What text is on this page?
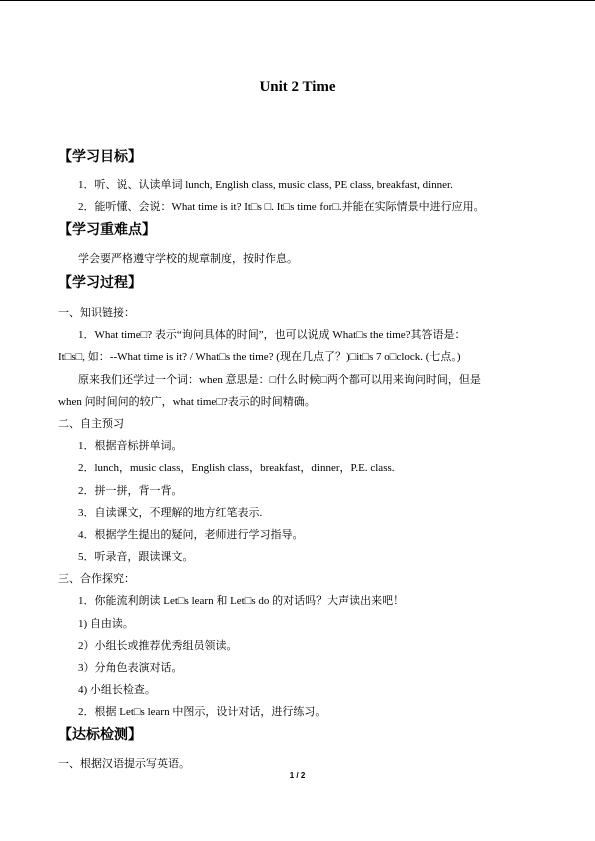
Unit 2 Time
【学习目标】
1．听、说、认读单词 lunch, English class, music class, PE class, breakfast, dinner.
2．能听懂、会说：What time is it? It□s □. It□s time for□.并能在实际情景中进行应用。
【学习重难点】
学会要严格遵守学校的规章制度，按时作息。
【学习过程】
一、知识链接：
1．What time□? 表示“询问具体的时间”，也可以说成 What□s the time?其答语是：
It□s□, 如：--What time is it? / What□s the time? (现在几点了？)□it□s 7 o□clock. (七点。)
原来我们还学过一个词：when 意思是：□什么时候□两个都可以用来询问时间，但是
when 问时间问的较广，what time□?表示的时间精确。
二、自主预习
1．根据音标拼单词。
2．lunch，music class，English class，breakfast，dinner，P.E. class.
2．拼一拼，背一背。
3．自读课文，不理解的地方红笔表示.
4．根据学生提出的疑问，老师进行学习指导。
5．听录音，跟读课文。
三、合作探究：
1．你能流利朗读 Let□s learn 和 Let□s do 的对话吗？大声读出来吧！
1) 自由读。
2）小组长或推荐优秀组员领读。
3）分角色表演对话。
4) 小组长检查。
2．根据 Let□s learn 中图示，设计对话，进行练习。
【达标检测】
一、根据汉语提示写英语。
1 / 2
